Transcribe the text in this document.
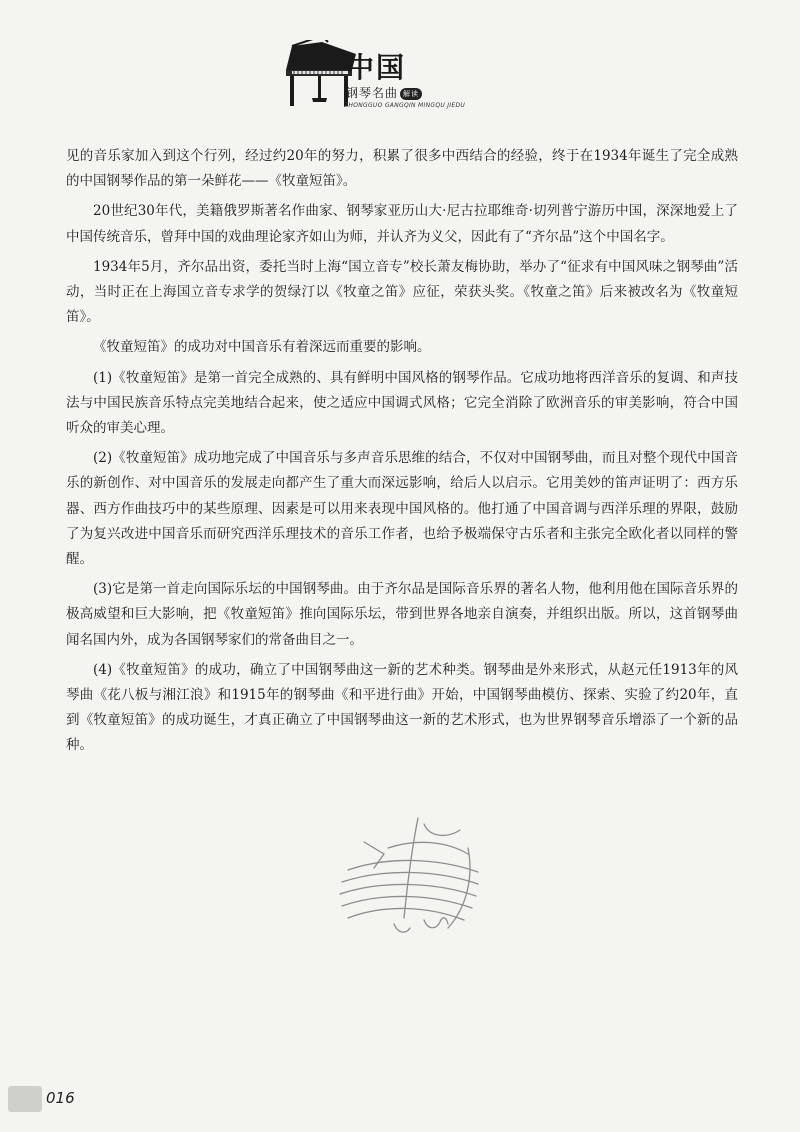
中国
钢琴名曲 解读
ZHONGGUO GANGQIN MINGQU JIEDU

见的音乐家加入到这个行列，经过约20年的努力，积累了很多中西结合的经验，终于在1934年诞生了完全成熟的中国钢琴作品的第一朵鲜花——《牧童短笛》。

20世纪30年代，美籍俄罗斯著名作曲家、钢琴家亚历山大·尼古拉耶维奇·切列普宁游历中国，深深地爱上了中国传统音乐，曾拜中国的戏曲理论家齐如山为师，并认齐为义父，因此有了“齐尔品”这个中国名字。

1934年5月，齐尔品出资，委托当时上海“国立音专”校长萧友梅协助，举办了“征求有中国风味之钢琴曲”活动，当时正在上海国立音专求学的贺绿汀以《牧童之笛》应征，荣获头奖。《牧童之笛》后来被改名为《牧童短笛》。

《牧童短笛》的成功对中国音乐有着深远而重要的影响。

(1)《牧童短笛》是第一首完全成熟的、具有鲜明中国风格的钢琴作品。它成功地将西洋音乐的复调、和声技法与中国民族音乐特点完美地结合起来，使之适应中国调式风格；它完全消除了欧洲音乐的审美影响，符合中国听众的审美心理。

(2)《牧童短笛》成功地完成了中国音乐与多声音乐思维的结合，不仅对中国钢琴曲，而且对整个现代中国音乐的新创作、对中国音乐的发展走向都产生了重大而深远影响，给后人以启示。它用美妙的笛声证明了：西方乐器、西方作曲技巧中的某些原理、因素是可以用来表现中国风格的。他打通了中国音调与西洋乐理的界限，鼓励了为复兴改进中国音乐而研究西洋乐理技术的音乐工作者，也给予极端保守古乐者和主张完全欧化者以同样的警醒。

(3)它是第一首走向国际乐坛的中国钢琴曲。由于齐尔品是国际音乐界的著名人物，他利用他在国际音乐界的极高威望和巨大影响，把《牧童短笛》推向国际乐坛，带到世界各地亲自演奏，并组织出版。所以，这首钢琴曲闻名国内外，成为各国钢琴家们的常备曲目之一。

(4)《牧童短笛》的成功，确立了中国钢琴曲这一新的艺术种类。钢琴曲是外来形式，从赵元任1913年的风琴曲《花八板与湘江浪》和1915年的钢琴曲《和平进行曲》开始，中国钢琴曲模仿、探索、实验了约20年，直到《牧童短笛》的成功诞生，才真正确立了中国钢琴曲这一新的艺术形式，也为世界钢琴音乐增添了一个新的品种。

016
